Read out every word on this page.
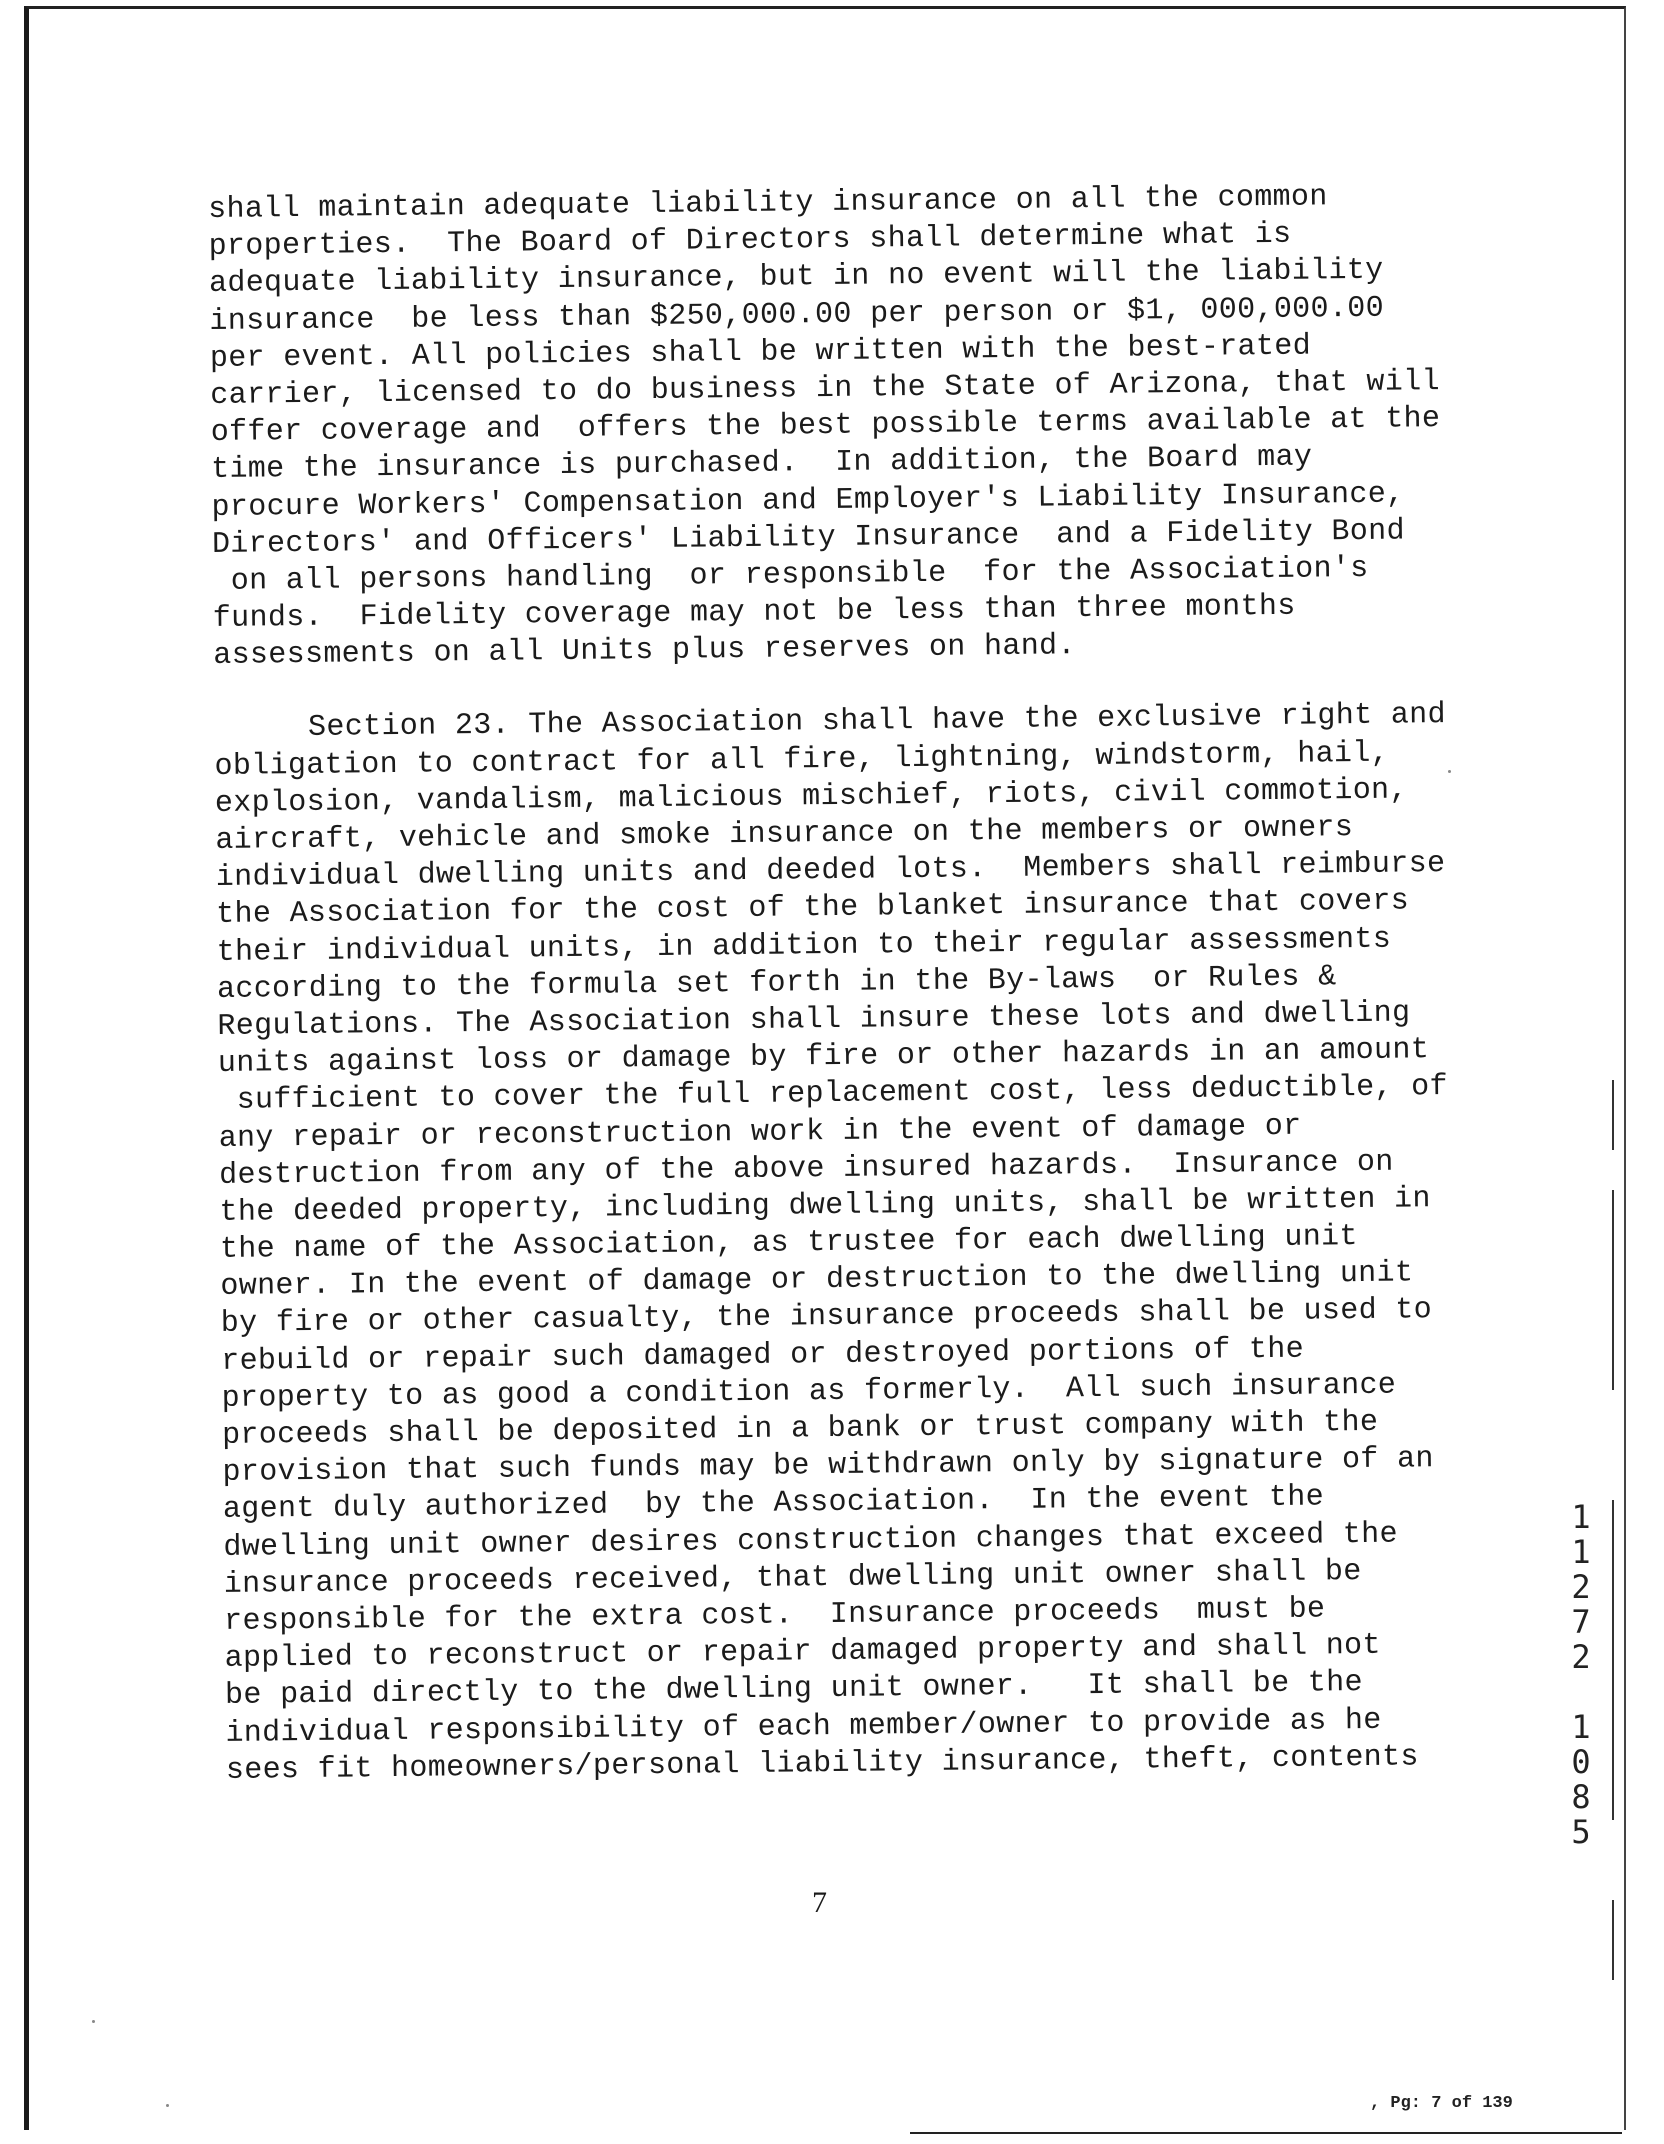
shall maintain adequate liability insurance on all the common
properties.  The Board of Directors shall determine what is
adequate liability insurance, but in no event will the liability
insurance  be less than $250,000.00 per person or $1, 000,000.00
per event. All policies shall be written with the best-rated
carrier, licensed to do business in the State of Arizona, that will
offer coverage and  offers the best possible terms available at the
time the insurance is purchased.  In addition, the Board may
procure Workers' Compensation and Employer's Liability Insurance,
Directors' and Officers' Liability Insurance  and a Fidelity Bond
on all persons handling  or responsible  for the Association's
funds.  Fidelity coverage may not be less than three months
assessments on all Units plus reserves on hand.
Section 23. The Association shall have the exclusive right and
obligation to contract for all fire, lightning, windstorm, hail,
explosion, vandalism, malicious mischief, riots, civil commotion,
aircraft, vehicle and smoke insurance on the members or owners
individual dwelling units and deeded lots.  Members shall reimburse
the Association for the cost of the blanket insurance that covers
their individual units, in addition to their regular assessments
according to the formula set forth in the By-laws  or Rules &
Regulations. The Association shall insure these lots and dwelling
units against loss or damage by fire or other hazards in an amount
sufficient to cover the full replacement cost, less deductible, of
any repair or reconstruction work in the event of damage or
destruction from any of the above insured hazards.  Insurance on
the deeded property, including dwelling units, shall be written in
the name of the Association, as trustee for each dwelling unit
owner. In the event of damage or destruction to the dwelling unit
by fire or other casualty, the insurance proceeds shall be used to
rebuild or repair such damaged or destroyed portions of the
property to as good a condition as formerly.  All such insurance
proceeds shall be deposited in a bank or trust company with the
provision that such funds may be withdrawn only by signature of an
agent duly authorized  by the Association.  In the event the
dwelling unit owner desires construction changes that exceed the
insurance proceeds received, that dwelling unit owner shall be
responsible for the extra cost.  Insurance proceeds  must be
applied to reconstruct or repair damaged property and shall not
be paid directly to the dwelling unit owner.   It shall be the
individual responsibility of each member/owner to provide as he
sees fit homeowners/personal liability insurance, theft, contents
7
1
1
2
7
2
1
0
8
5
, Pg: 7 of 139
